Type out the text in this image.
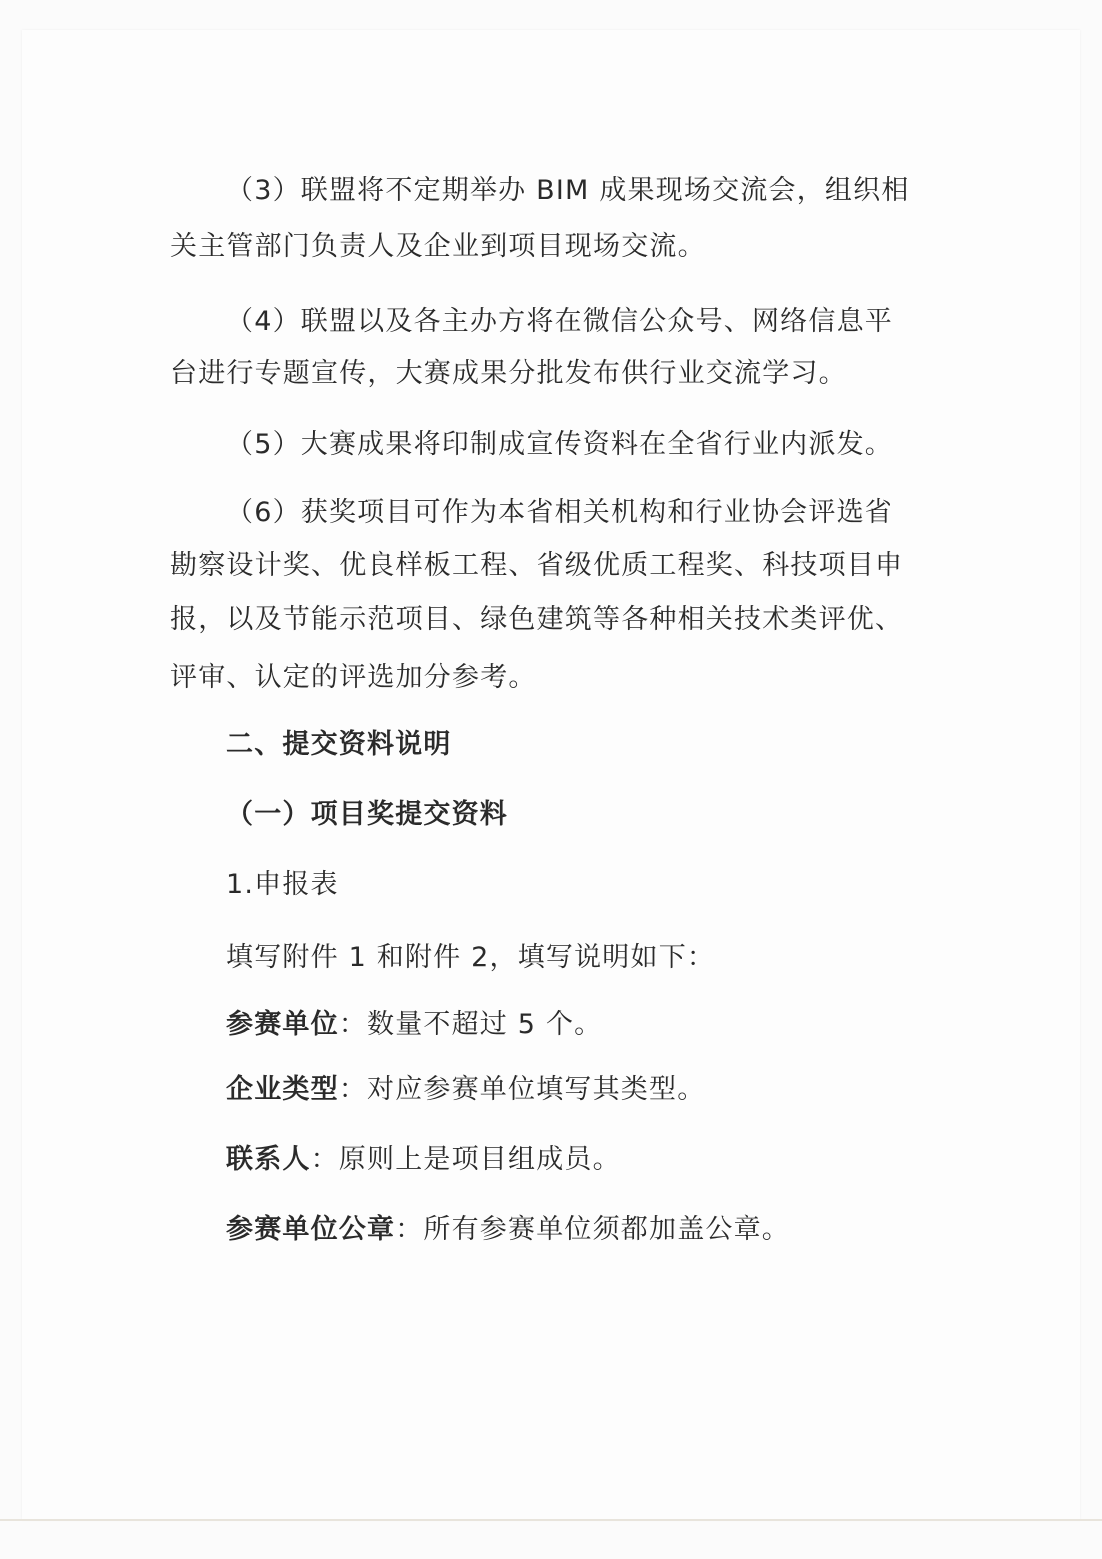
（3）联盟将不定期举办 BIM 成果现场交流会，组织相
关主管部门负责人及企业到项目现场交流。
（4）联盟以及各主办方将在微信公众号、网络信息平
台进行专题宣传，大赛成果分批发布供行业交流学习。
（5）大赛成果将印制成宣传资料在全省行业内派发。
（6）获奖项目可作为本省相关机构和行业协会评选省
勘察设计奖、优良样板工程、省级优质工程奖、科技项目申
报，以及节能示范项目、绿色建筑等各种相关技术类评优、
评审、认定的评选加分参考。
二、提交资料说明
（一）项目奖提交资料
1.申报表
填写附件 1 和附件 2，填写说明如下：
参赛单位：数量不超过 5 个。
企业类型：对应参赛单位填写其类型。
联系人：原则上是项目组成员。
参赛单位公章：所有参赛单位须都加盖公章。
